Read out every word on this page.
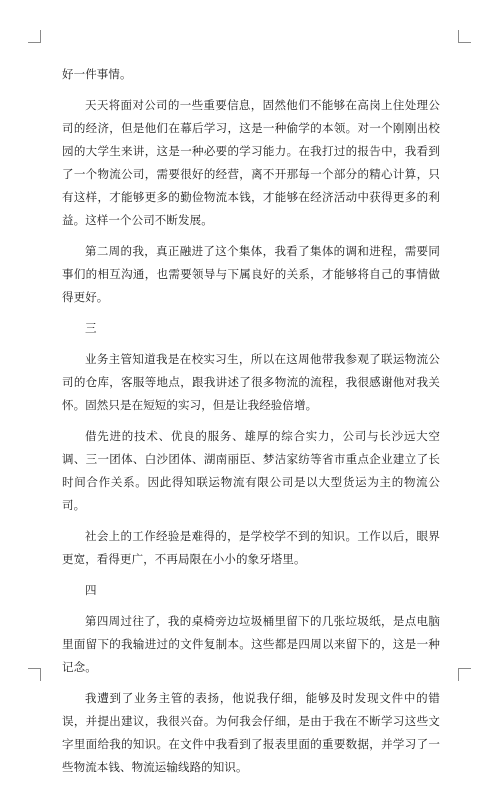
好一件事情。

天天将面对公司的一些重要信息，固然他们不能够在高岗上住处理公司的经济，但是他们在幕后学习，这是一种偷学的本领。对一个刚刚出校园的大学生来讲，这是一种必要的学习能力。在我打过的报告中，我看到了一个物流公司，需要很好的经营，离不开那每一个部分的精心计算，只有这样，才能够更多的勤俭物流本钱，才能够在经济活动中获得更多的利益。这样一个公司不断发展。

第二周的我，真正融进了这个集体，我看了集体的调和进程，需要同事们的相互沟通，也需要领导与下属良好的关系，才能够将自己的事情做得更好。

三

业务主管知道我是在校实习生，所以在这周他带我参观了联运物流公司的仓库，客服等地点，跟我讲述了很多物流的流程，我很感谢他对我关怀。固然只是在短短的实习，但是让我经验倍增。

借先进的技术、优良的服务、雄厚的综合实力，公司与长沙远大空调、三一团体、白沙团体、湖南丽臣、梦洁家纺等省市重点企业建立了长时间合作关系。因此得知联运物流有限公司是以大型货运为主的物流公司。

社会上的工作经验是难得的，是学校学不到的知识。工作以后，眼界更宽，看得更广，不再局限在小小的象牙塔里。

四

第四周过往了，我的桌椅旁边垃圾桶里留下的几张垃圾纸，是点电脑里面留下的我输进过的文件复制本。这些都是四周以来留下的，这是一种记念。

我遭到了业务主管的表扬，他说我仔细，能够及时发现文件中的错误，并提出建议，我很兴奋。为何我会仔细，是由于我在不断学习这些文字里面给我的知识。在文件中我看到了报表里面的重要数据，并学习了一些物流本钱、物流运输线路的知识。
